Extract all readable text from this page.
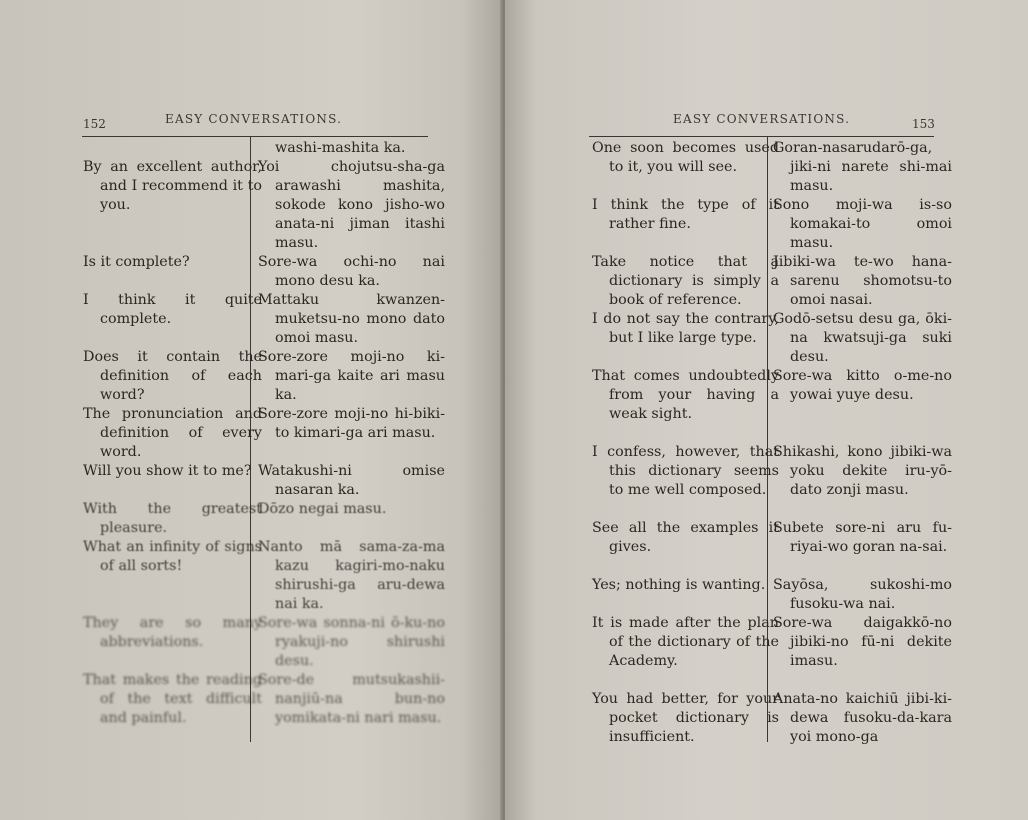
152	EASY CONVERSATIONS.
By an excellent author, and I recommend it to you.
Is it complete?
I think it quite complete.
Does it contain the definition of each word?
The pronunciation and definition of every word.
Will you show it to me?
With the greatest pleasure.
What an infinity of signs of all sorts!
They are so many abbreviations.
That makes the reading of the text difficult and painful.
washi-mashita ka.
Yoi chojutsu-sha-ga arawashi mashita, sokode kono jisho-wo anata-ni jiman itashi masu.
Sore-wa ochi-no nai mono desu ka.
Mattaku kwanzen-muketsu-no mono dato omoi masu.
Sore-zore moji-no ki-mari-ga kaite ari masu ka.
Sore-zore moji-no hi-biki-to kimari-ga ari masu.
Watakushi-ni omise nasaran ka.
Dōzo negai masu.
Nanto mā sama-za-ma kazu kagiri-mo-naku shirushi-ga aru-dewa nai ka.
Sore-wa sonna-ni ō-ku-no ryakuji-no shirushi desu.
Sore-de mutsukashii-nanjiū-na bun-no yomikata-ni nari masu.
EASY CONVERSATIONS.	153
One soon becomes used to it, you will see.
I think the type of it rather fine.
Take notice that a dictionary is simply a book of reference.
I do not say the contrary, but I like large type.
That comes undoubtedly from your having a weak sight.
I confess, however, that this dictionary seems to me well composed.
See all the examples it gives.
Yes; nothing is wanting.
It is made after the plan of the dictionary of the Academy.
You had better, for your pocket dictionary is insufficient.
Goran-nasarudarō-ga, jiki-ni narete shi-mai masu.
Sono moji-wa is-so komakai-to omoi masu.
Jibiki-wa te-wo hana-sarenu shomotsu-to omoi nasai.
Godō-setsu desu ga, ōki-na kwatsuji-ga suki desu.
Sore-wa kitto o-me-no yowai yuye desu.
Shikashi, kono jibiki-wa yoku dekite iru-yō-dato zonji masu.
Subete sore-ni aru fu-riyai-wo goran na-sai.
Sayōsa, sukoshi-mo fusoku-wa nai.
Sore-wa daigakkō-no jibiki-no fū-ni dekite imasu.
Anata-no kaichiū jibi-ki-dewa fusoku-da-kara yoi mono-ga
